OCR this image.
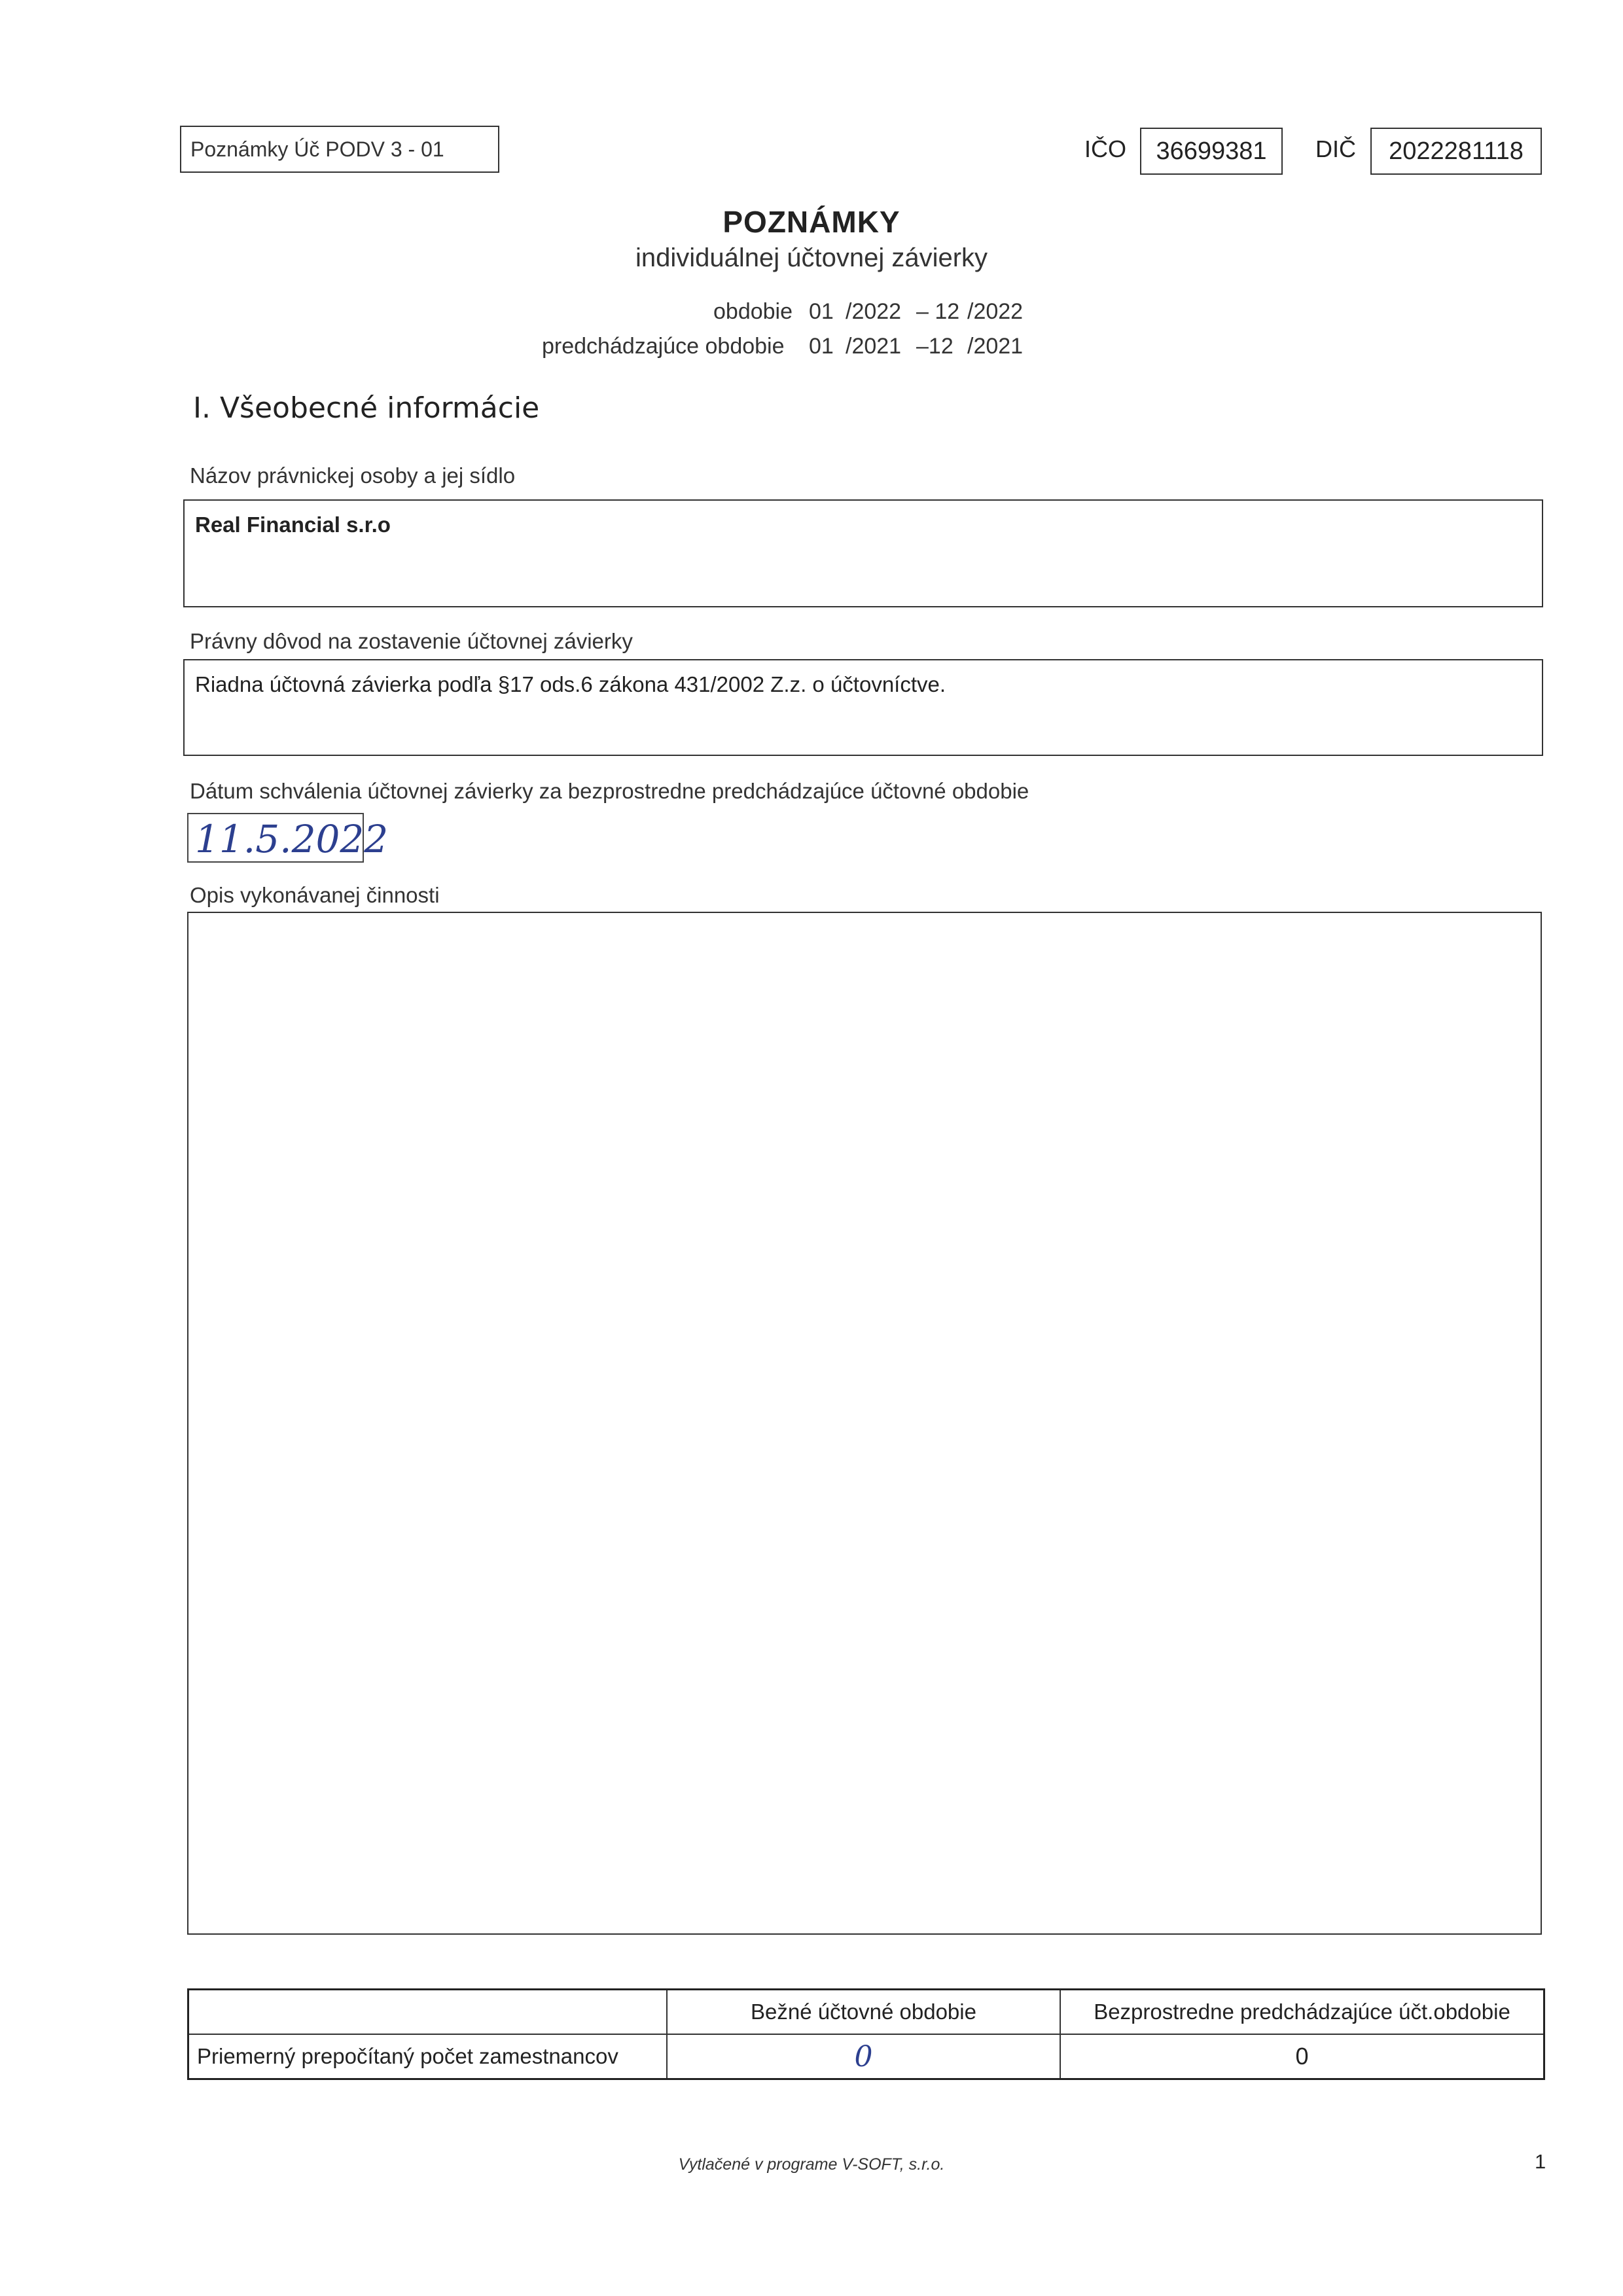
Poznámky Úč PODV 3 - 01	IČO	36699381	DIČ	2022281118
POZNÁMKY
individuálnej účtovnej závierky
obdobie 01 /2022 – 12 /2022
predchádzajúce obdobie 01 /2021 –12 /2021
I. Všeobecné informácie
Názov právnickej osoby a jej sídlo
Real Financial s.r.o
Právny dôvod na zostavenie účtovnej závierky
Riadna účtovná závierka podľa §17 ods.6 zákona 431/2002 Z.z. o účtovníctve.
Dátum schválenia účtovnej závierky za bezprostredne predchádzajúce účtovné obdobie
11.5.2022
Opis vykonávanej činnosti
	Bežné účtovné obdobie	Bezprostredne predchádzajúce účt.obdobie
Priemerný prepočítaný počet zamestnancov	0	0
Vytlačené v programe V-SOFT, s.r.o.	1
